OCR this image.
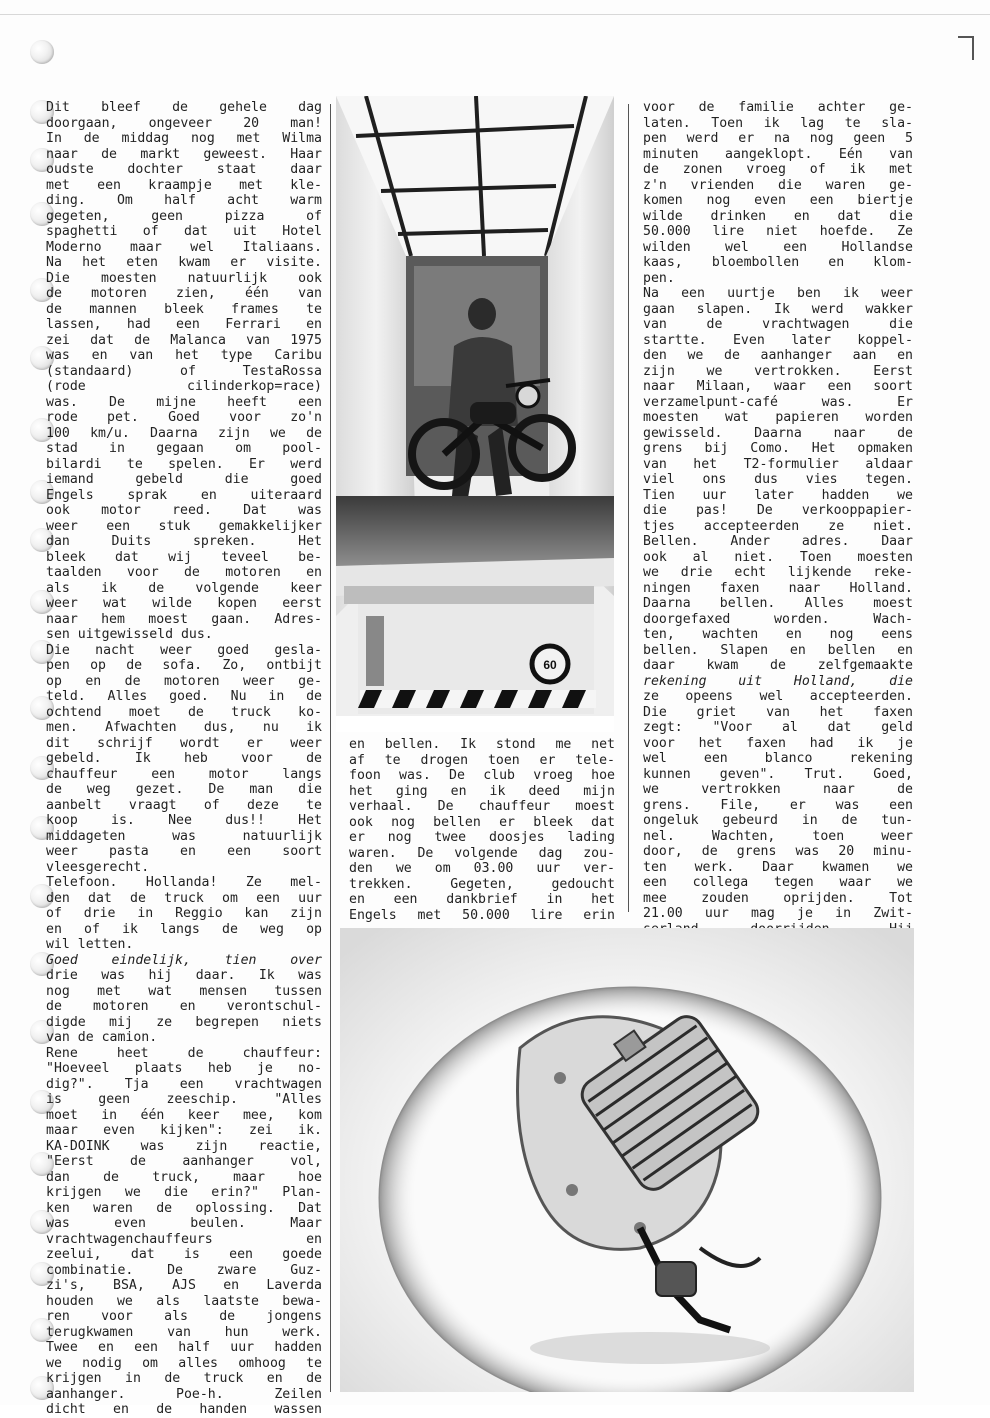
Dit bleef de gehele dag
doorgaan, ongeveer 20 man!
In de middag nog met Wilma
naar de markt geweest. Haar
oudste dochter staat daar
met een kraampje met kle-
ding. Om half acht warm
gegeten, geen pizza of
spaghetti of dat uit Hotel
Moderno maar wel Italiaans.
Na het eten kwam er visite.
Die moesten natuurlijk ook
de motoren zien, één van
de mannen bleek frames te
lassen, had een Ferrari en
zei dat de Malanca van 1975
was en van het type Caribu
(standaard) of TestaRossa
(rode cilinderkop=race)
was. De mijne heeft een
rode pet. Goed voor zo'n
100 km/u. Daarna zijn we de
stad in gegaan om pool-
bilardi te spelen. Er werd
iemand gebeld die goed
Engels sprak en uiteraard
ook motor reed. Dat was
weer een stuk gemakkelijker
dan Duits spreken. Het
bleek dat wij teveel be-
taalden voor de motoren en
als ik de volgende keer
weer wat wilde kopen eerst
naar hem moest gaan. Adres-
sen uitgewisseld dus.
Die nacht weer goed gesla-
pen op de sofa. Zo, ontbijt
op en de motoren weer ge-
teld. Alles goed. Nu in de
ochtend moet de truck ko-
men. Afwachten dus, nu ik
dit schrijf wordt er weer
gebeld. Ik heb voor de
chauffeur een motor langs
de weg gezet. De man die
aanbelt vraagt of deze te
koop is. Nee dus!! Het
middageten was natuurlijk
weer pasta en een soort
vleesgerecht.
Telefoon. Hollanda! Ze mel-
den dat de truck om een uur
of drie in Reggio kan zijn
en of ik langs de weg op
wil letten.
Goed eindelijk, tien over
drie was hij daar. Ik was
nog met wat mensen tussen
de motoren en verontschul-
digde mij ze begrepen niets
van de camion.
Rene heet de chauffeur:
"Hoeveel plaats heb je no-
dig?". Tja een vrachtwagen
is geen zeeschip. "Alles
moet in één keer mee, kom
maar even kijken": zei ik.
KA-DOINK was zijn reactie,
"Eerst de aanhanger vol,
dan de truck, maar hoe
krijgen we die erin?" Plan-
ken waren de oplossing. Dat
was even beulen. Maar
vrachtwagenchauffeurs en
zeelui, dat is een goede
combinatie. De zware Guz-
zi's, BSA, AJS en Laverda
houden we als laatste bewa-
ren voor als de jongens
terugkwamen van hun werk.
Twee en een half uur hadden
we nodig om alles omhoog te
krijgen in de truck en de
aanhanger. Poe-h. Zeilen
dicht en de handen wassen
en bellen. Ik stond me net
af te drogen toen er tele-
foon was. De club vroeg hoe
het ging en ik deed mijn
verhaal. De chauffeur moest
ook nog bellen er bleek dat
er nog twee doosjes lading
waren. De volgende dag zou-
den we om 03.00 uur ver-
trekken. Gegeten, gedoucht
en een dankbrief in het
Engels met 50.000 lire erin
voor de familie achter ge-
laten. Toen ik lag te sla-
pen werd er na nog geen 5
minuten aangeklopt. Eén van
de zonen vroeg of ik met
z'n vrienden die waren ge-
komen nog even een biertje
wilde drinken en dat die
50.000 lire niet hoefde. Ze
wilden wel een Hollandse
kaas, bloembollen en klom-
pen.
Na een uurtje ben ik weer
gaan slapen. Ik werd wakker
van de vrachtwagen die
startte. Even later koppel-
den we de aanhanger aan en
zijn we vertrokken. Eerst
naar Milaan, waar een soort
verzamelpunt-café was. Er
moesten wat papieren worden
gewisseld. Daarna naar de
grens bij Como. Het opmaken
van het T2-formulier aldaar
viel ons dus vies tegen.
Tien uur later hadden we
die pas! De verkooppapier-
tjes accepteerden ze niet.
Bellen. Ander adres. Daar
ook al niet. Toen moesten
we drie echt lijkende reke-
ningen faxen naar Holland.
Daarna bellen. Alles moest
doorgefaxed worden. Wach-
ten, wachten en nog eens
bellen. Slapen en bellen en
daar kwam de zelfgemaakte
rekening uit Holland, die
ze opeens wel accepteerden.
Die griet van het faxen
zegt: "Voor al dat geld
voor het faxen had ik je
wel een blanco rekening
kunnen geven". Trut. Goed,
we vertrokken naar de
grens. File, er was een
ongeluk gebeurd in de tun-
nel. Wachten, toen weer
door, de grens was 20 minu-
ten werk. Daar kwamen we
een collega tegen waar we
mee zouden oprijden. Tot
21.00 uur mag je in Zwit-
60
